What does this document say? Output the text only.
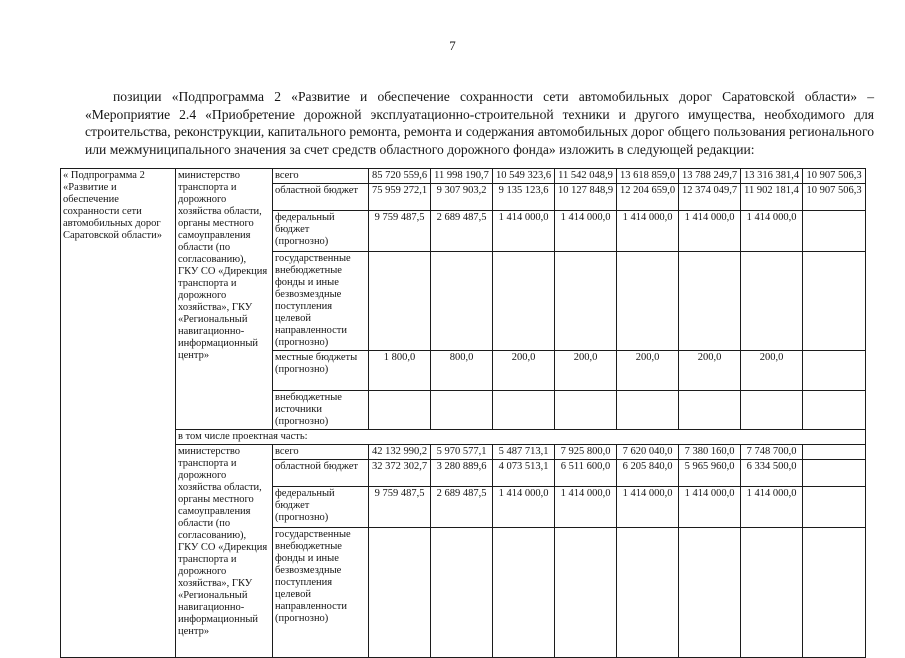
7
позиции «Подпрограмма 2 «Развитие и обеспечение сохранности сети автомобильных дорог Саратовской области» – «Мероприятие 2.4 «Приобретение дорожной эксплуатационно-строительной техники и другого имущества, необходимого для строительства, реконструкции, капитального ремонта, ремонта и содержания автомобильных дорог общего пользования регионального или межмуниципального значения за счет средств областного дорожного фонда» изложить в следующей редакции:
« Подпрограмма 2 «Развитие и обеспечение сохранности сети автомобильных дорог Саратовской области»	министерство транспорта и дорожного хозяйства области, органы местного самоуправления области (по согласованию), ГКУ СО «Дирекция транспорта и дорожного хозяйства», ГКУ «Региональный навигационно-информационный центр»	всего	85 720 559,6	11 998 190,7	10 549 323,6	11 542 048,9	13 618 859,0	13 788 249,7	13 316 381,4	10 907 506,3
		областной бюджет	75 959 272,1	9 307 903,2	9 135 123,6	10 127 848,9	12 204 659,0	12 374 049,7	11 902 181,4	10 907 506,3
		федеральный бюджет (прогнозно)	9 759 487,5	2 689 487,5	1 414 000,0	1 414 000,0	1 414 000,0	1 414 000,0	1 414 000,0	
		государственные внебюджетные фонды и иные безвозмездные поступления целевой направленности (прогнозно)								
		местные бюджеты (прогнозно)	1 800,0	800,0	200,0	200,0	200,0	200,0	200,0	
		внебюджетные источники (прогнозно)								
	в том числе проектная часть:									
	министерство транспорта и дорожного хозяйства области, органы местного самоуправления области (по согласованию), ГКУ СО «Дирекция транспорта и дорожного хозяйства», ГКУ «Региональный навигационно-информационный центр»	всего	42 132 990,2	5 970 577,1	5 487 713,1	7 925 800,0	7 620 040,0	7 380 160,0	7 748 700,0	
		областной бюджет	32 372 302,7	3 280 889,6	4 073 513,1	6 511 600,0	6 205 840,0	5 965 960,0	6 334 500,0	
		федеральный бюджет (прогнозно)	9 759 487,5	2 689 487,5	1 414 000,0	1 414 000,0	1 414 000,0	1 414 000,0	1 414 000,0	
		государственные внебюджетные фонды и иные безвозмездные поступления целевой направленности (прогнозно)								
